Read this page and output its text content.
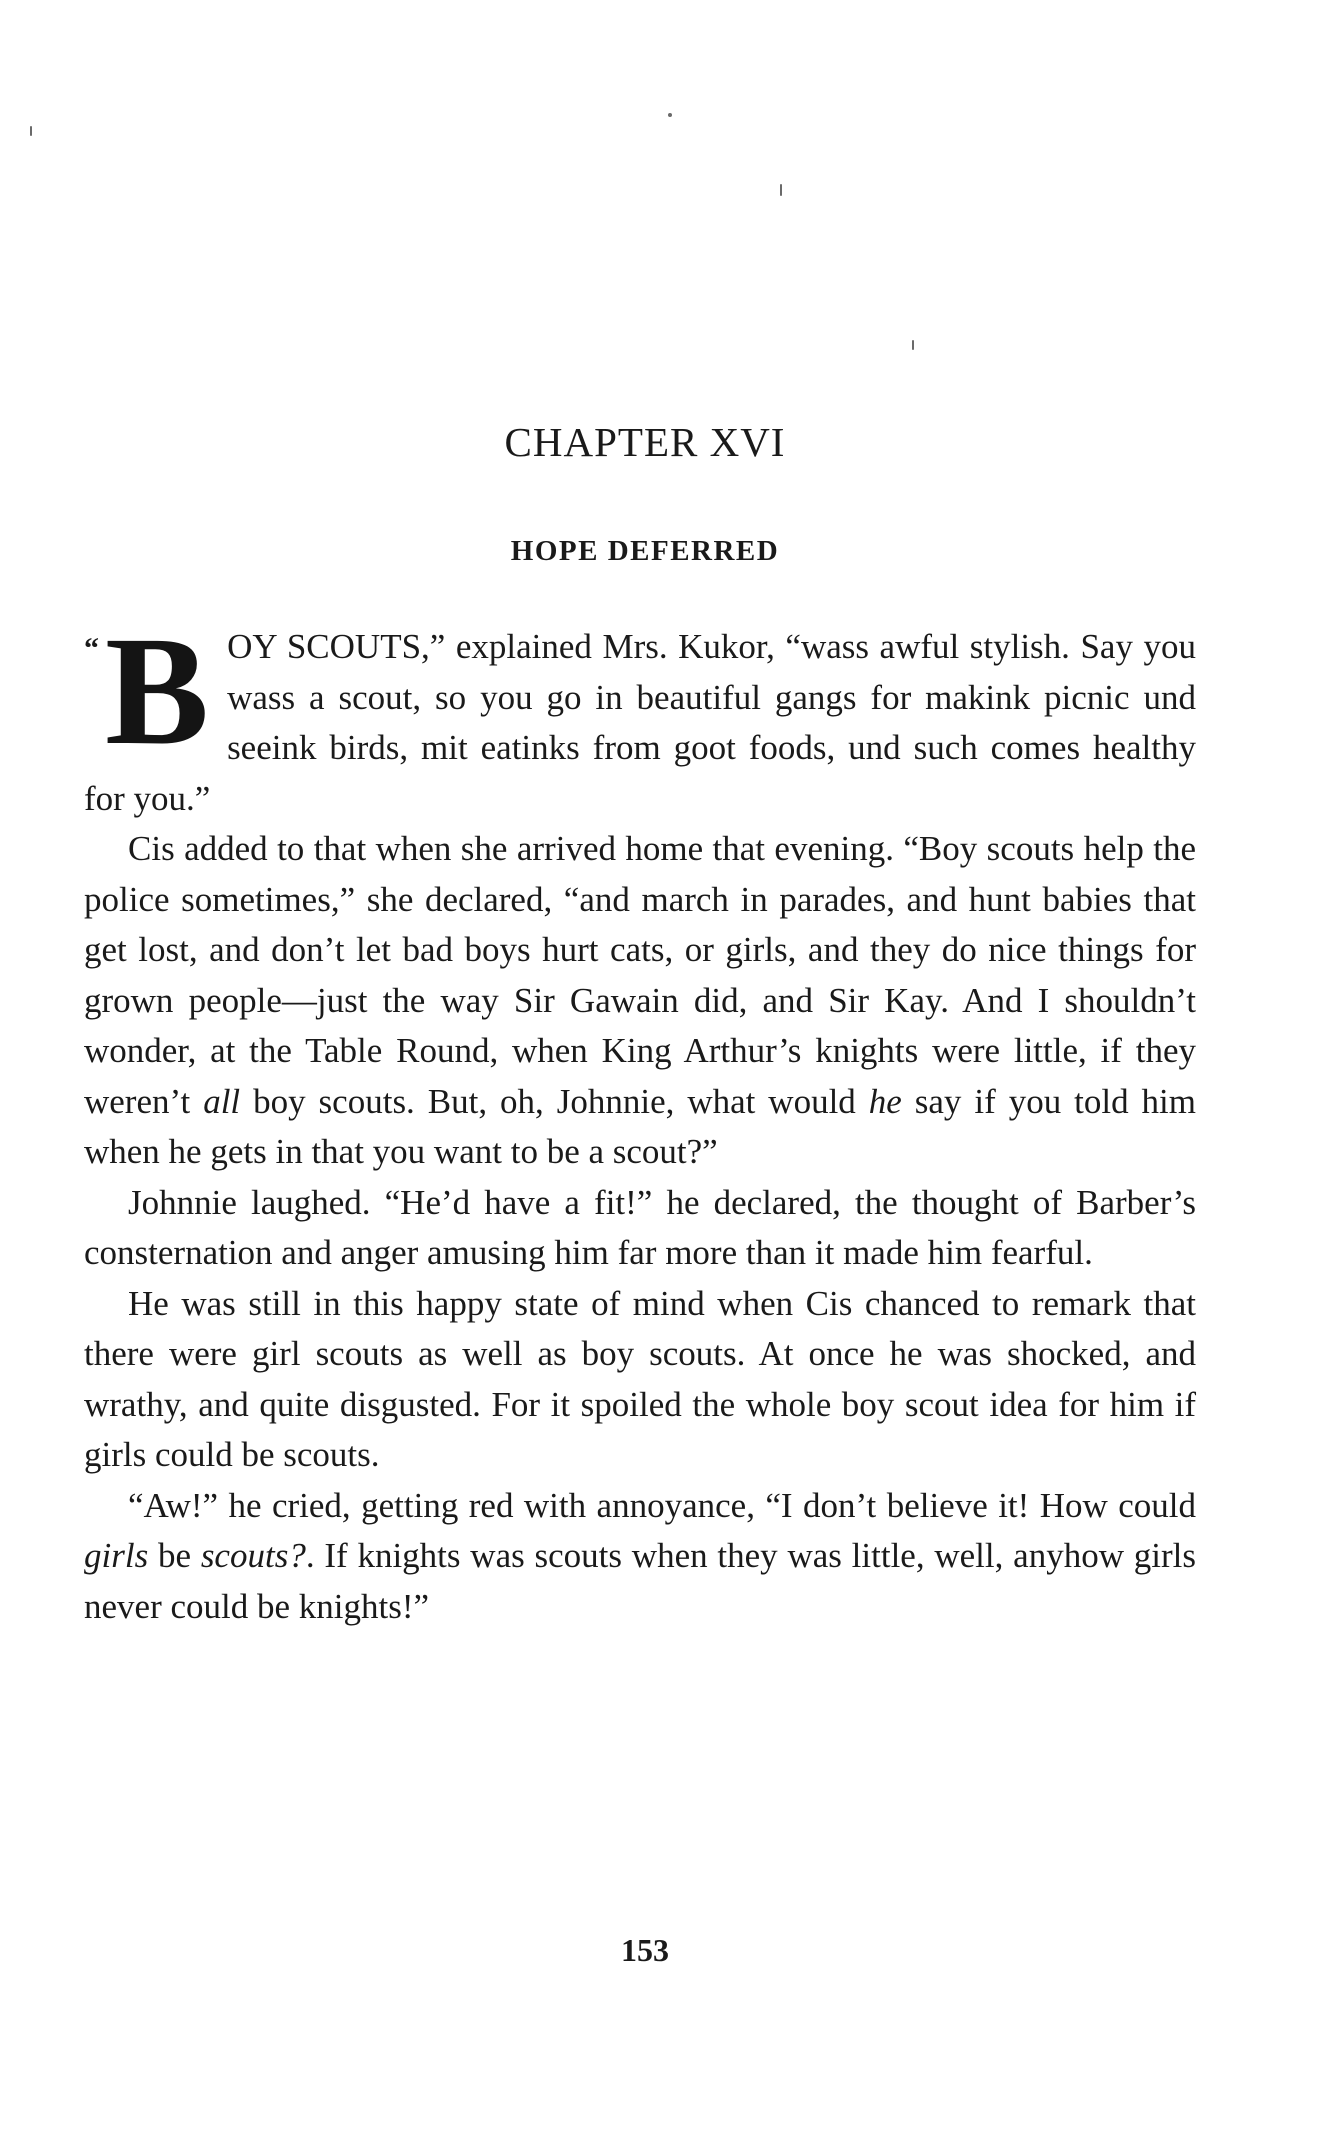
CHAPTER XVI
HOPE DEFERRED

“ B OY SCOUTS,” explained Mrs. Kukor, “wass awful stylish. Say you wass a scout, so you go in beautiful gangs for makink picnic und seeink birds, mit eatinks from goot foods, und such comes healthy for you.”

Cis added to that when she arrived home that evening. “Boy scouts help the police sometimes,” she declared, “and march in parades, and hunt babies that get lost, and don’t let bad boys hurt cats, or girls, and they do nice things for grown people—just the way Sir Gawain did, and Sir Kay. And I shouldn’t wonder, at the Table Round, when King Arthur’s knights were little, if they weren’t all boy scouts. But, oh, Johnnie, what would he say if you told him when he gets in that you want to be a scout?”

Johnnie laughed. “He’d have a fit!” he declared, the thought of Barber’s consternation and anger amusing him far more than it made him fearful.

He was still in this happy state of mind when Cis chanced to remark that there were girl scouts as well as boy scouts. At once he was shocked, and wrathy, and quite disgusted. For it spoiled the whole boy scout idea for him if girls could be scouts.

“Aw!” he cried, getting red with annoyance, “I don’t believe it! How could girls be scouts?. If knights was scouts when they was little, well, anyhow girls never could be knights!”

153
